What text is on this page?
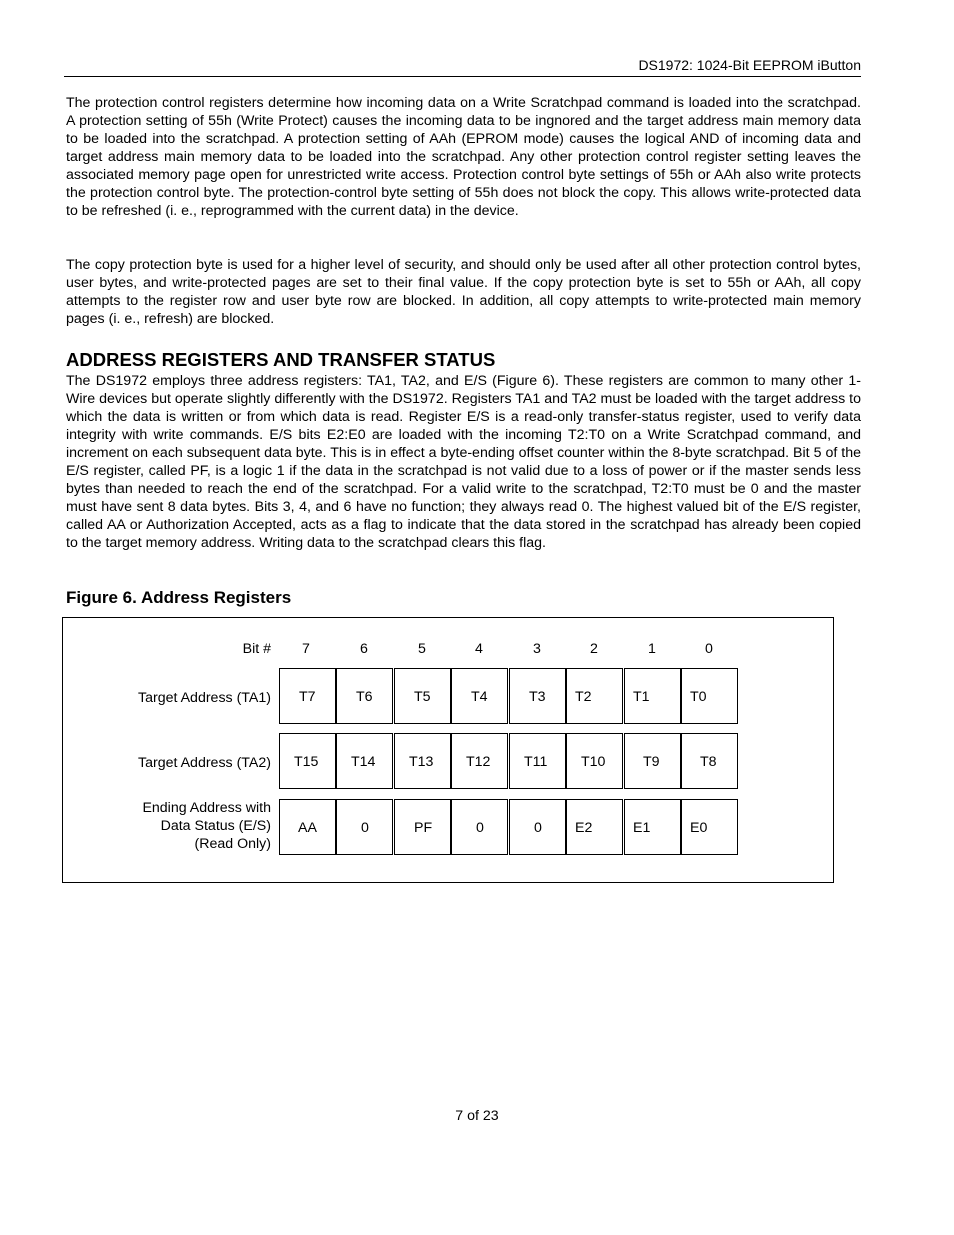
DS1972: 1024-Bit EEPROM iButton

The protection control registers determine how incoming data on a Write Scratchpad command is loaded into the scratchpad. A protection setting of 55h (Write Protect) causes the incoming data to be ingnored and the target address main memory data to be loaded into the scratchpad. A protection setting of AAh (EPROM mode) causes the logical AND of incoming data and target address main memory data to be loaded into the scratchpad. Any other protection control register setting leaves the associated memory page open for unrestricted write access. Protection control byte settings of 55h or AAh also write protects the protection control byte. The protection-control byte setting of 55h does not block the copy. This allows write-protected data to be refreshed (i. e., reprogrammed with the current data) in the device.

The copy protection byte is used for a higher level of security, and should only be used after all other protection control bytes, user bytes, and write-protected pages are set to their final value. If the copy protection byte is set to 55h or AAh, all copy attempts to the register row and user byte row are blocked. In addition, all copy attempts to write-protected main memory pages (i. e., refresh) are blocked.

ADDRESS REGISTERS AND TRANSFER STATUS

The DS1972 employs three address registers: TA1, TA2, and E/S (Figure 6). These registers are common to many other 1-Wire devices but operate slightly differently with the DS1972. Registers TA1 and TA2 must be loaded with the target address to which the data is written or from which data is read. Register E/S is a read-only transfer-status register, used to verify data integrity with write commands. E/S bits E2:E0 are loaded with the incoming T2:T0 on a Write Scratchpad command, and increment on each subsequent data byte. This is in effect a byte-ending offset counter within the 8-byte scratchpad. Bit 5 of the E/S register, called PF, is a logic 1 if the data in the scratchpad is not valid due to a loss of power or if the master sends less bytes than needed to reach the end of the scratchpad. For a valid write to the scratchpad, T2:T0 must be 0 and the master must have sent 8 data bytes. Bits 3, 4, and 6 have no function; they always read 0. The highest valued bit of the E/S register, called AA or Authorization Accepted, acts as a flag to indicate that the data stored in the scratchpad has already been copied to the target memory address. Writing data to the scratchpad clears this flag.

Figure 6. Address Registers
Bit # 7	6	5	4	3	2	1	0
Target Address (TA1) T7	T6	T5	T4	T3 T2	T1	T0
Target Address (TA2) T15 T14 T13 T12 T11 T10	T9	T8
Ending Address with
Data Status (E/S)
(Read Only)
AA	0	PF	0	0 E2	E1	E0
7 of 23
